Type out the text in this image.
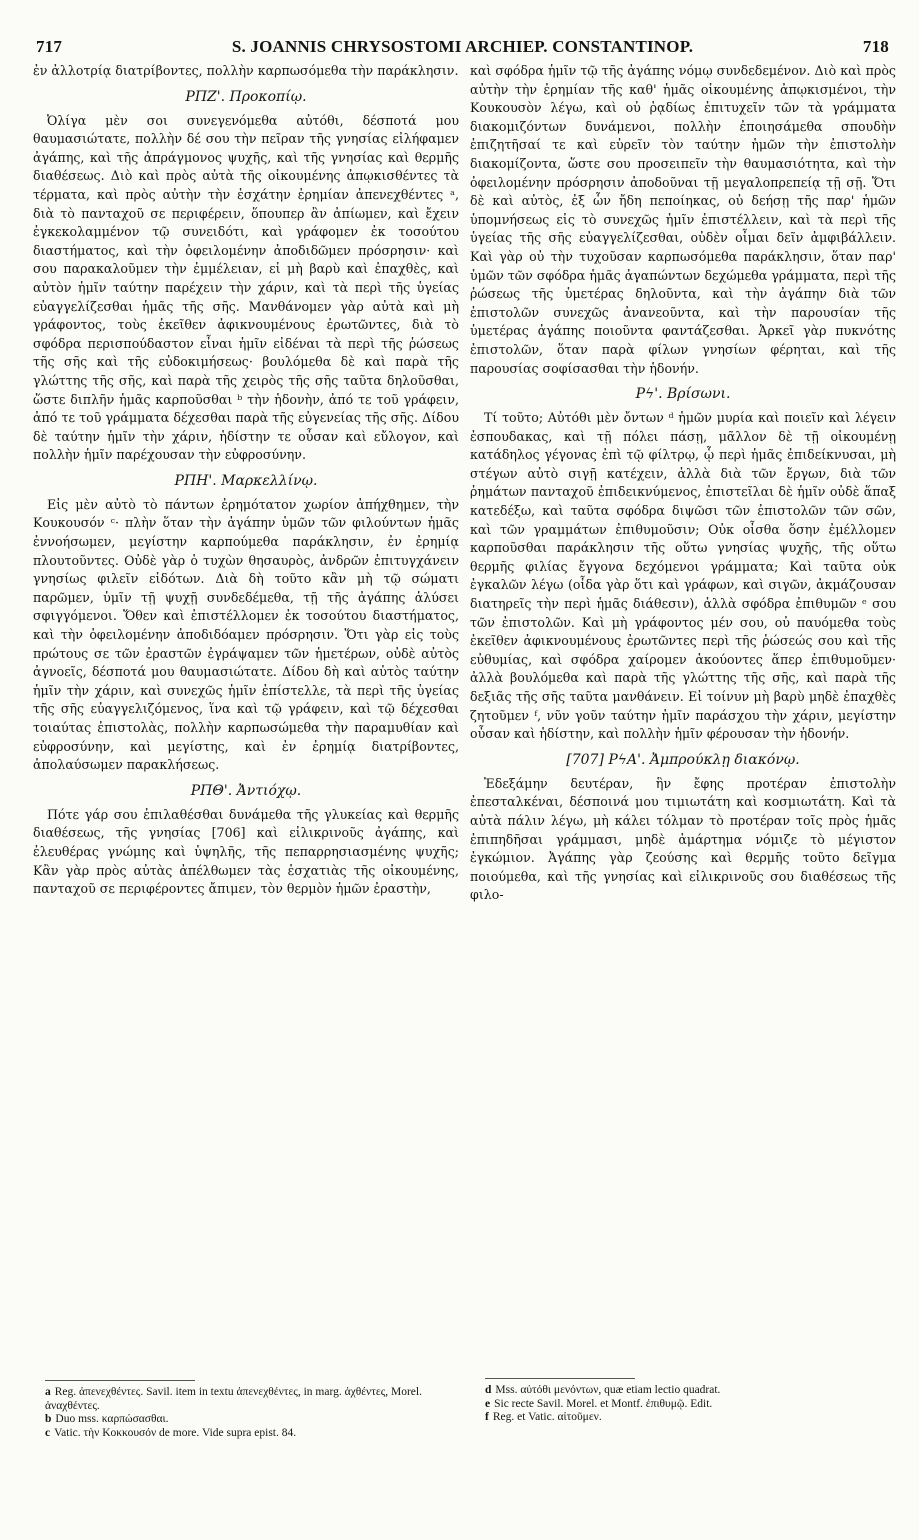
717	S. JOANNIS CHRYSOSTOMI ARCHIEP. CONSTANTINOP.	718

ἐν ἀλλοτρίᾳ διατρίβοντες, πολλὴν καρπωσόμεθα τὴν παράκλησιν.

ΡΠΖ'. Προκοπίῳ.

Ὀλίγα μὲν σοι συνεγενόμεθα αὐτόθι, δέσποτά μου θαυμασιώτατε, πολλὴν δέ σου τὴν πεῖραν τῆς γνησίας εἰλήφαμεν ἀγάπης, καὶ τῆς ἀπράγμονος ψυχῆς, καὶ τῆς γνησίας καὶ θερμῆς διαθέσεως. Διὸ καὶ πρὸς αὐτὰ τῆς οἰκουμένης ἀπῳκισθέντες τὰ τέρματα, καὶ πρὸς αὐτὴν τὴν ἐσχάτην ἐρημίαν ἀπενεχθέντες ᵃ, διὰ τὸ πανταχοῦ σε περιφέρειν, ὅπουπερ ἂν ἀπίωμεν, καὶ ἔχειν ἐγκεκολαμμένον τῷ συνειδότι, καὶ γράφομεν ἐκ τοσούτου διαστήματος, καὶ τὴν ὀφειλομένην ἀποδιδῶμεν πρόσρησιν· καὶ σου παρακαλοῦμεν τὴν ἐμμέλειαν, εἰ μὴ βαρὺ καὶ ἐπαχθὲς, καὶ αὐτὸν ἡμῖν ταύτην παρέχειν τὴν χάριν, καὶ τὰ περὶ τῆς ὑγείας εὐαγγελίζεσθαι ἡμᾶς τῆς σῆς. Μανθάνομεν γὰρ αὐτὰ καὶ μὴ γράφοντος, τοὺς ἐκεῖθεν ἀφικνουμένους ἐρωτῶντες, διὰ τὸ σφόδρα περισπούδαστον εἶναι ἡμῖν εἰδέναι τὰ περὶ τῆς ῥώσεως τῆς σῆς καὶ τῆς εὐδοκιμήσεως· βουλόμεθα δὲ καὶ παρὰ τῆς γλώττης τῆς σῆς, καὶ παρὰ τῆς χειρὸς τῆς σῆς ταῦτα δηλοῦσθαι, ὥστε διπλῆν ἡμᾶς καρποῦσθαι ᵇ τὴν ἡδονὴν, ἀπό τε τοῦ γράφειν, ἀπό τε τοῦ γράμματα δέχεσθαι παρὰ τῆς εὐγενείας τῆς σῆς. Δίδου δὲ ταύτην ἡμῖν τὴν χάριν, ἡδίστην τε οὖσαν καὶ εὔλογον, καὶ πολλὴν ἡμῖν παρέχουσαν τὴν εὐφροσύνην.

ΡΠΗ'. Μαρκελλίνῳ.

Εἰς μὲν αὐτὸ τὸ πάντων ἐρημότατον χωρίον ἀπήχθημεν, τὴν Κουκουσόν ᶜ· πλὴν ὅταν τὴν ἀγάπην ὑμῶν τῶν φιλούντων ἡμᾶς ἐννοήσωμεν, μεγίστην καρπούμεθα παράκλησιν, ἐν ἐρημίᾳ πλουτοῦντες. Οὐδὲ γὰρ ὁ τυχὼν θησαυρὸς, ἀνδρῶν ἐπιτυγχάνειν γνησίως φιλεῖν εἰδότων. Διὰ δὴ τοῦτο κἂν μὴ τῷ σώματι παρῶμεν, ὑμῖν τῇ ψυχῇ συνδεδέμεθα, τῇ τῆς ἀγάπης ἁλύσει σφιγγόμενοι. Ὅθεν καὶ ἐπιστέλλομεν ἐκ τοσούτου διαστήματος, καὶ τὴν ὀφειλομένην ἀποδιδόαμεν πρόσρησιν. Ὅτι γὰρ εἰς τοὺς πρώτους σε τῶν ἐραστῶν ἐγράψαμεν τῶν ἡμετέρων, οὐδὲ αὐτὸς ἀγνοεῖς, δέσποτά μου θαυμασιώτατε. Δίδου δὴ καὶ αὐτὸς ταύτην ἡμῖν τὴν χάριν, καὶ συνεχῶς ἡμῖν ἐπίστελλε, τὰ περὶ τῆς ὑγείας τῆς σῆς εὐαγγελιζόμενος, ἵνα καὶ τῷ γράφειν, καὶ τῷ δέχεσθαι τοιαύτας ἐπιστολὰς, πολλὴν καρπωσώμεθα τὴν παραμυθίαν καὶ εὐφροσύνην, καὶ μεγίστης, καὶ ἐν ἐρημίᾳ διατρίβοντες, ἀπολαύσωμεν παρακλήσεως.

ΡΠΘ'. Ἀντιόχῳ.

Πότε γάρ σου ἐπιλαθέσθαι δυνάμεθα τῆς γλυκείας καὶ θερμῆς διαθέσεως, τῆς γνησίας [706] καὶ εἰλικρινοῦς ἀγάπης, καὶ ἐλευθέρας γνώμης καὶ ὑψηλῆς, τῆς πεπαρρησιασμένης ψυχῆς; Κἂν γὰρ πρὸς αὐτὰς ἀπέλθωμεν τὰς ἐσχατιὰς τῆς οἰκουμένης, πανταχοῦ σε περιφέροντες ἄπιμεν, τὸν θερμὸν ἡμῶν ἐραστὴν,

καὶ σφόδρα ἡμῖν τῷ τῆς ἀγάπης νόμῳ συνδεδεμένον. Διὸ καὶ πρὸς αὐτὴν τὴν ἐρημίαν τῆς καθ' ἡμᾶς οἰκουμένης ἀπῳκισμένοι, τὴν Κουκουσὸν λέγω, καὶ οὐ ῥᾳδίως ἐπιτυχεῖν τῶν τὰ γράμματα διακομιζόντων δυνάμενοι, πολλὴν ἐποιησάμεθα σπουδὴν ἐπιζητῆσαί τε καὶ εὑρεῖν τὸν ταύτην ἡμῶν τὴν ἐπιστολὴν διακομίζοντα, ὥστε σου προσειπεῖν τὴν θαυμασιότητα, καὶ τὴν ὀφειλομένην πρόσρησιν ἀποδοῦναι τῇ μεγαλοπρεπείᾳ τῇ σῇ. Ὅτι δὲ καὶ αὐτὸς, ἐξ ὧν ἤδη πεποίηκας, οὐ δεήσῃ τῆς παρ' ἡμῶν ὑπομνήσεως εἰς τὸ συνεχῶς ἡμῖν ἐπιστέλλειν, καὶ τὰ περὶ τῆς ὑγείας τῆς σῆς εὐαγγελίζεσθαι, οὐδὲν οἶμαι δεῖν ἀμφιβάλλειν. Καὶ γὰρ οὐ τὴν τυχοῦσαν καρπωσόμεθα παράκλησιν, ὅταν παρ' ὑμῶν τῶν σφόδρα ἡμᾶς ἀγαπώντων δεχώμεθα γράμματα, περὶ τῆς ῥώσεως τῆς ὑμετέρας δηλοῦντα, καὶ τὴν ἀγάπην διὰ τῶν ἐπιστολῶν συνεχῶς ἀνανεοῦντα, καὶ τὴν παρουσίαν τῆς ὑμετέρας ἀγάπης ποιοῦντα φαντάζεσθαι. Ἀρκεῖ γὰρ πυκνότης ἐπιστολῶν, ὅταν παρὰ φίλων γνησίων φέρηται, καὶ τῆς παρουσίας σοφίσασθαι τὴν ἡδονήν.

Ρϟ'. Βρίσωνι.

Τί τοῦτο; Αὐτόθι μὲν ὄντων ᵈ ἡμῶν μυρία καὶ ποιεῖν καὶ λέγειν ἐσπουδακας, καὶ τῇ πόλει πάσῃ, μᾶλλον δὲ τῇ οἰκουμένῃ κατάδηλος γέγονας ἐπὶ τῷ φίλτρῳ, ᾧ περὶ ἡμᾶς ἐπιδείκνυσαι, μὴ στέγων αὐτὸ σιγῇ κατέχειν, ἀλλὰ διὰ τῶν ἔργων, διὰ τῶν ῥημάτων πανταχοῦ ἐπιδεικνύμενος, ἐπιστεῖλαι δὲ ἡμῖν οὐδὲ ἅπαξ κατεδέξω, καὶ ταῦτα σφόδρα διψῶσι τῶν ἐπιστολῶν τῶν σῶν, καὶ τῶν γραμμάτων ἐπιθυμοῦσιν; Οὐκ οἶσθα ὅσην ἐμέλλομεν καρποῦσθαι παράκλησιν τῆς οὕτω γνησίας ψυχῆς, τῆς οὕτω θερμῆς φιλίας ἔγγονα δεχόμενοι γράμματα; Καὶ ταῦτα οὐκ ἐγκαλῶν λέγω (οἶδα γὰρ ὅτι καὶ γράφων, καὶ σιγῶν, ἀκμάζουσαν διατηρεῖς τὴν περὶ ἡμᾶς διάθεσιν), ἀλλὰ σφόδρα ἐπιθυμῶν ᵉ σου τῶν ἐπιστολῶν. Καὶ μὴ γράφοντος μέν σου, οὐ παυόμεθα τοὺς ἐκεῖθεν ἀφικνουμένους ἐρωτῶντες περὶ τῆς ῥώσεώς σου καὶ τῆς εὐθυμίας, καὶ σφόδρα χαίρομεν ἀκούοντες ἅπερ ἐπιθυμοῦμεν· ἀλλὰ βουλόμεθα καὶ παρὰ τῆς γλώττης τῆς σῆς, καὶ παρὰ τῆς δεξιᾶς τῆς σῆς ταῦτα μανθάνειν. Εἰ τοίνυν μὴ βαρὺ μηδὲ ἐπαχθὲς ζητοῦμεν ᶠ, νῦν γοῦν ταύτην ἡμῖν παράσχου τὴν χάριν, μεγίστην οὖσαν καὶ ἡδίστην, καὶ πολλὴν ἡμῖν φέρουσαν τὴν ἡδονήν.

[707] ΡϟΑ'. Ἀμπρούκλῃ διακόνῳ.

Ἐδεξάμην δευτέραν, ἣν ἔφης προτέραν ἐπιστολὴν ἐπεσταλκέναι, δέσποινά μου τιμιωτάτη καὶ κοσμιωτάτη. Καὶ τὰ αὐτὰ πάλιν λέγω, μὴ κάλει τόλμαν τὸ προτέραν τοῖς πρὸς ἡμᾶς ἐπιπηδῆσαι γράμμασι, μηδὲ ἁμάρτημα νόμιζε τὸ μέγιστον ἐγκώμιον. Ἀγάπης γὰρ ζεούσης καὶ θερμῆς τοῦτο δεῖγμα ποιούμεθα, καὶ τῆς γνησίας καὶ εἰλικρινοῦς σου διαθέσεως τῆς φιλο-

a Reg. ἀπενεχθέντες. Savil. item in textu ἀπενεχθέντες, in marg. ἀχθέντες, Morel. ἀναχθέντες.

b Duo mss. καρπώσασθαι.

c Vatic. τὴν Κοκκουσόν de more. Vide supra epist. 84.

d Mss. αὐτόθι μενόντων, quæ etiam lectio quadrat.

e Sic recte Savil. Morel. et Montf. ἐπιθυμῷ. Edit.

f Reg. et Vatic. αἰτοῦμεν.
